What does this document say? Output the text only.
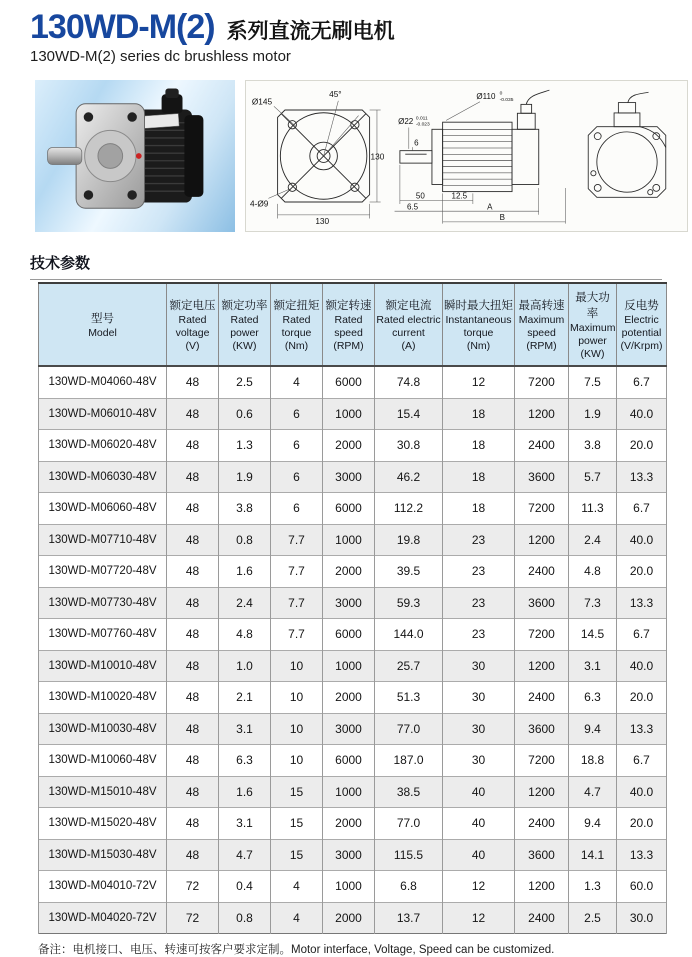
130WD-M(2) 系列直流无刷电机
130WD-M(2) series dc brushless motor
Ø145
45°
130
130
4-Ø9
Ø22 0.011
-0.023
Ø110 0
-0.035
6
50	12.5
6.5	A
B
技术参数
型号
Model

额定电压
Rated voltage
(V)

额定功率
Rated power
(KW)

额定扭矩
Rated torque
(Nm)

额定转速
Rated speed
(RPM)

额定电流
Rated electric current
(A)

瞬时最大扭矩
Instantaneous torque
(Nm)

最高转速
Maximum speed
(RPM)

最大功率
Maximum power
(KW)

反电势
Electric potential
(V/Krpm)

130WD-M04060-48V	48	2.5	4	6000	74.8	12	7200	7.5	6.7
130WD-M06010-48V	48	0.6	6	1000	15.4	18	1200	1.9	40.0
130WD-M06020-48V	48	1.3	6	2000	30.8	18	2400	3.8	20.0
130WD-M06030-48V	48	1.9	6	3000	46.2	18	3600	5.7	13.3
130WD-M06060-48V	48	3.8	6	6000	112.2	18	7200	11.3	6.7
130WD-M07710-48V	48	0.8	7.7	1000	19.8	23	1200	2.4	40.0
130WD-M07720-48V	48	1.6	7.7	2000	39.5	23	2400	4.8	20.0
130WD-M07730-48V	48	2.4	7.7	3000	59.3	23	3600	7.3	13.3
130WD-M07760-48V	48	4.8	7.7	6000	144.0	23	7200	14.5	6.7
130WD-M10010-48V	48	1.0	10	1000	25.7	30	1200	3.1	40.0
130WD-M10020-48V	48	2.1	10	2000	51.3	30	2400	6.3	20.0
130WD-M10030-48V	48	3.1	10	3000	77.0	30	3600	9.4	13.3
130WD-M10060-48V	48	6.3	10	6000	187.0	30	7200	18.8	6.7
130WD-M15010-48V	48	1.6	15	1000	38.5	40	1200	4.7	40.0
130WD-M15020-48V	48	3.1	15	2000	77.0	40	2400	9.4	20.0
130WD-M15030-48V	48	4.7	15	3000	115.5	40	3600	14.1	13.3
130WD-M04010-72V	72	0.4	4	1000	6.8	12	1200	1.3	60.0
130WD-M04020-72V	72	0.8	4	2000	13.7	12	2400	2.5	30.0
备注：电机接口、电压、转速可按客户要求定制。Motor interface, Voltage, Speed can be customized.
